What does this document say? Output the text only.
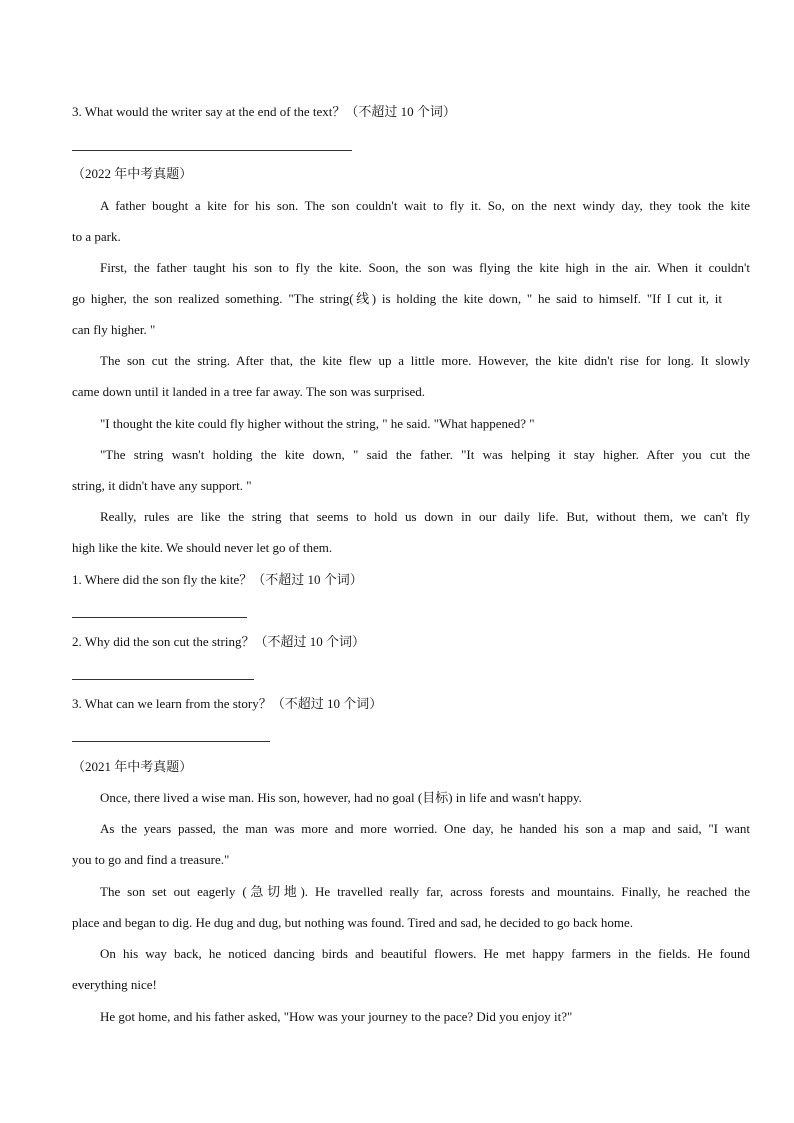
3. What would the writer say at the end of the text？（不超过 10 个词）
（2022 年中考真题）
A father bought a kite for his son. The son couldn't wait to fly it. So, on the next windy day, they took the kite
to a park.
First, the father taught his son to fly the kite. Soon, the son was flying the kite high in the air. When it couldn't
go higher, the son realized something. "The string(线) is holding the kite down, " he said to himself. "If I cut it, it
can fly higher. "
The son cut the string. After that, the kite flew up a little more. However, the kite didn't rise for long. It slowly
came down until it landed in a tree far away. The son was surprised.
"I thought the kite could fly higher without the string, " he said. "What happened? "
"The string wasn't holding the kite down, " said the father. "It was helping it stay higher. After you cut the
string, it didn't have any support. "
Really, rules are like the string that seems to hold us down in our daily life. But, without them, we can't fly
high like the kite. We should never let go of them.
1. Where did the son fly the kite？（不超过 10 个词）
2. Why did the son cut the string？（不超过 10 个词）
3. What can we learn from the story？（不超过 10 个词）
（2021 年中考真题）
Once, there lived a wise man. His son, however, had no goal (目标) in life and wasn't happy.
As the years passed, the man was more and more worried. One day, he handed his son a map and said, "I want
you to go and find a treasure."
The son set out eagerly (急切地). He travelled really far, across forests and mountains. Finally, he reached the
place and began to dig. He dug and dug, but nothing was found. Tired and sad, he decided to go back home.
On his way back, he noticed dancing birds and beautiful flowers. He met happy farmers in the fields. He found
everything nice!
He got home, and his father asked, "How was your journey to the pace? Did you enjoy it?"
